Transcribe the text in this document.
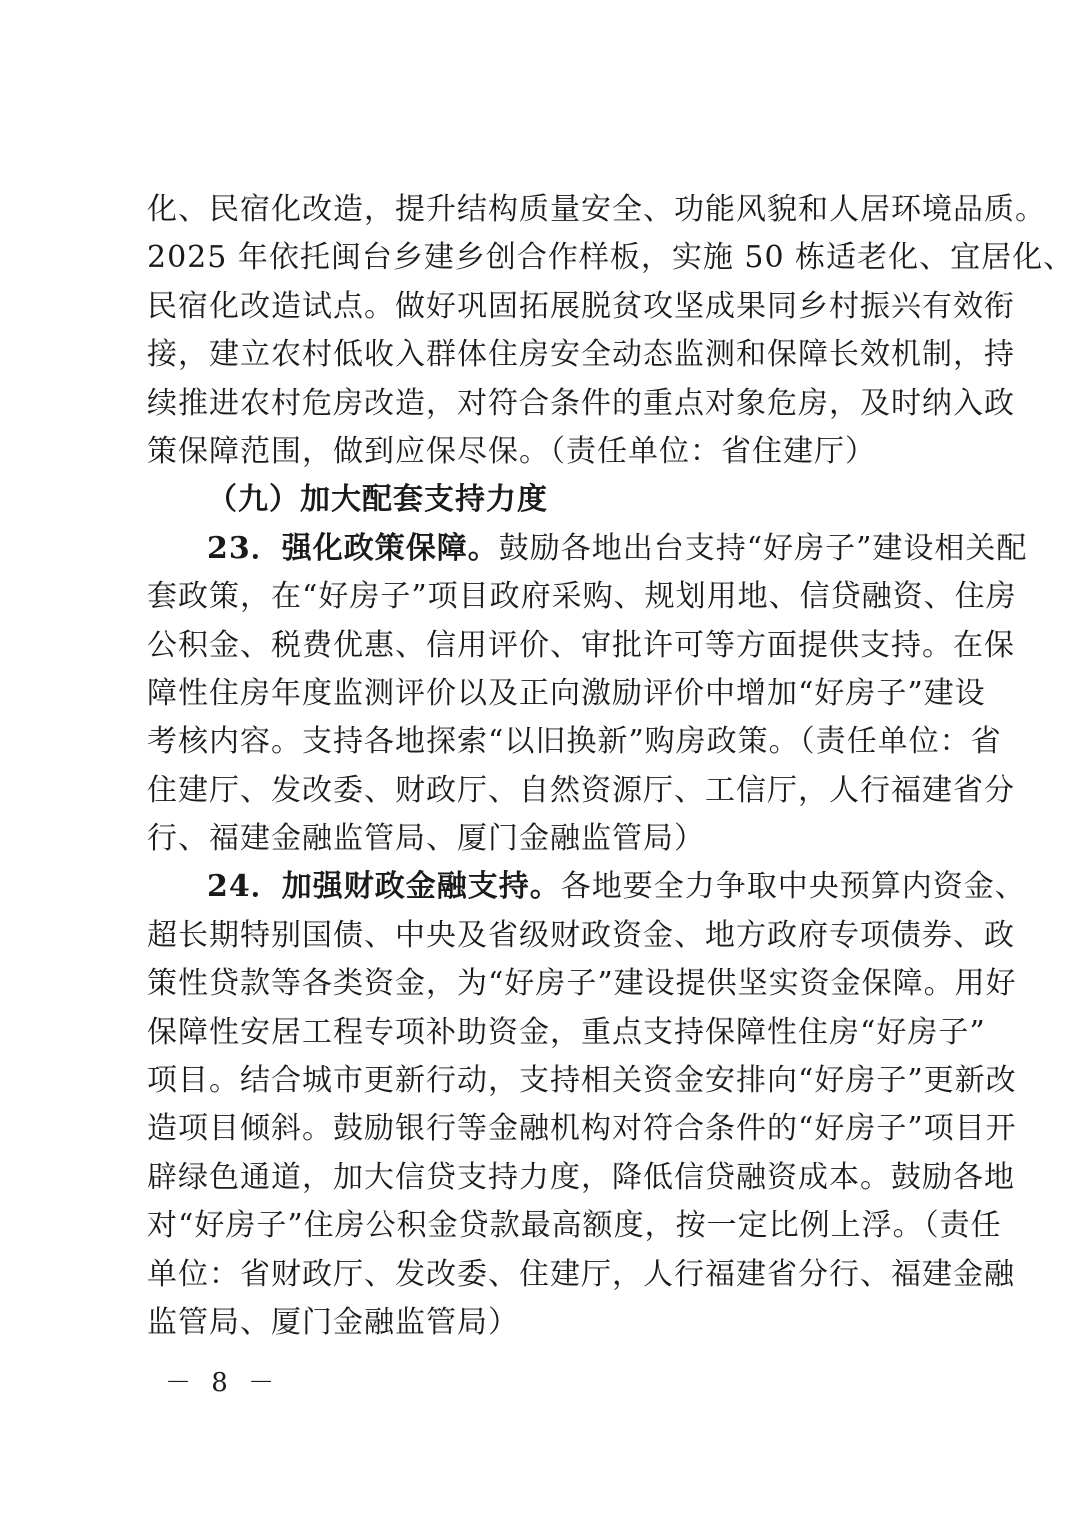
化、民宿化改造，提升结构质量安全、功能风貌和人居环境品质。
2025 年依托闽台乡建乡创合作样板，实施 50 栋适老化、宜居化、
民宿化改造试点。做好巩固拓展脱贫攻坚成果同乡村振兴有效衔
接，建立农村低收入群体住房安全动态监测和保障长效机制，持
续推进农村危房改造，对符合条件的重点对象危房，及时纳入政
策保障范围，做到应保尽保。（责任单位：省住建厅）
（九）加大配套支持力度
23．强化政策保障。鼓励各地出台支持“好房子”建设相关配
套政策，在“好房子”项目政府采购、规划用地、信贷融资、住房
公积金、税费优惠、信用评价、审批许可等方面提供支持。在保
障性住房年度监测评价以及正向激励评价中增加“好房子”建设
考核内容。支持各地探索“以旧换新”购房政策。（责任单位：省
住建厅、发改委、财政厅、自然资源厅、工信厅，人行福建省分
行、福建金融监管局、厦门金融监管局）
24．加强财政金融支持。各地要全力争取中央预算内资金、
超长期特别国债、中央及省级财政资金、地方政府专项债券、政
策性贷款等各类资金，为“好房子”建设提供坚实资金保障。用好
保障性安居工程专项补助资金，重点支持保障性住房“好房子”
项目。结合城市更新行动，支持相关资金安排向“好房子”更新改
造项目倾斜。鼓励银行等金融机构对符合条件的“好房子”项目开
辟绿色通道，加大信贷支持力度，降低信贷融资成本。鼓励各地
对“好房子”住房公积金贷款最高额度，按一定比例上浮。（责任
单位：省财政厅、发改委、住建厅，人行福建省分行、福建金融
监管局、厦门金融监管局）
－ 8 －
